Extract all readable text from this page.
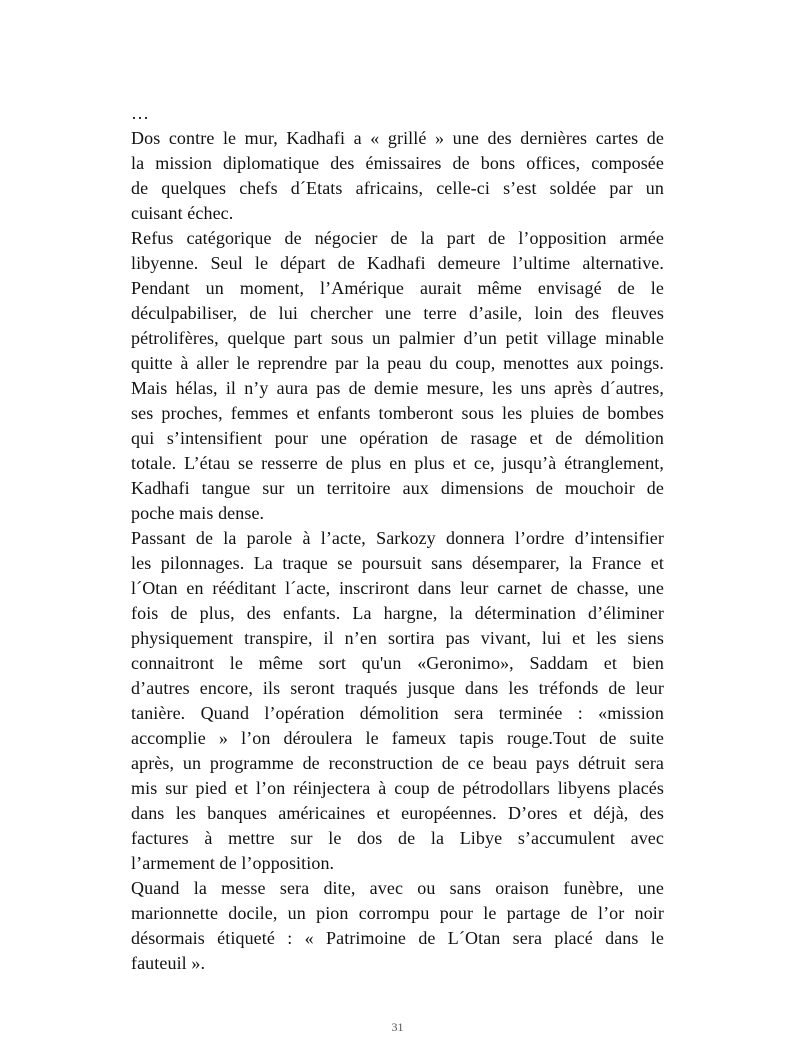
…
Dos contre le mur, Kadhafi a « grillé » une des dernières cartes de
la mission diplomatique des émissaires de bons offices, composée
de quelques chefs d´Etats africains, celle-ci s’est soldée par un
cuisant échec.
Refus catégorique de négocier de la part de l’opposition armée
libyenne. Seul le départ de Kadhafi demeure l’ultime alternative.
Pendant un moment, l’Amérique aurait même envisagé de le
déculpabiliser, de lui chercher une terre d’asile, loin des fleuves
pétrolifères, quelque part sous un palmier d’un petit village minable
quitte à aller le reprendre par la peau du coup, menottes aux poings.
Mais hélas, il n’y aura pas de demie mesure, les uns après d´autres,
ses proches, femmes et enfants tomberont sous les pluies de bombes
qui s’intensifient pour une opération de rasage et de démolition
totale. L’étau se resserre de plus en plus et ce, jusqu’à étranglement,
Kadhafi tangue sur un territoire aux dimensions de mouchoir de
poche mais dense.
Passant de la parole à l’acte, Sarkozy donnera l’ordre d’intensifier
les pilonnages. La traque se poursuit sans désemparer, la France et
l´Otan en rééditant l´acte, inscriront dans leur carnet de chasse, une
fois de plus, des enfants. La hargne, la détermination d’éliminer
physiquement transpire, il n’en sortira pas vivant, lui et les siens
connaitront le même sort qu'un «Geronimo», Saddam et bien
d’autres encore, ils seront traqués jusque dans les tréfonds de leur
tanière. Quand l’opération démolition sera terminée : «mission
accomplie » l’on déroulera le fameux tapis rouge.Tout de suite
après, un programme de reconstruction de ce beau pays détruit sera
mis sur pied et l’on réinjectera à coup de pétrodollars libyens placés
dans les banques américaines et européennes. D’ores et déjà, des
factures à mettre sur le dos de la Libye s’accumulent avec
l’armement de l’opposition.
Quand la messe sera dite, avec ou sans oraison funèbre, une
marionnette docile, un pion corrompu pour le partage de l’or noir
désormais étiqueté : « Patrimoine de L´Otan sera placé dans le
fauteuil ».
31
